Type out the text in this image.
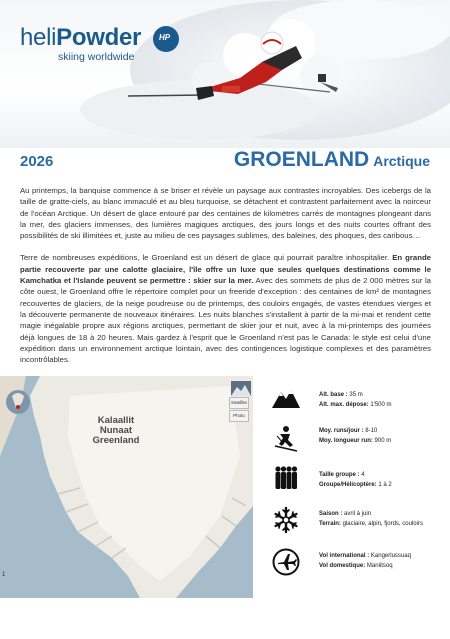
heliPowder HP
skiing worldwide
2026	GROENLAND Arctique

Au printemps, la banquise commence à se briser et révèle un paysage aux contrastes incroyables. Des icebergs de la taille de gratte-ciels, au blanc immaculé et au bleu turquoise, se détachent et contrastent parfaitement avec la noirceur de l'océan Arctique. Un désert de glace entouré par des centaines de kilomètres carrés de montagnes plongeant dans la mer, des glaciers immenses, des lumières magiques arctiques, des jours longs et des nuits courtes offrant des possibilités de ski illimitées et, juste au milieu de ces paysages sublimes, des baleines, des phoques, des caribous…

Terre de nombreuses expéditions, le Groenland est un désert de glace qui pourrait paraître inhospitalier. En grande partie recouverte par une calotte glaciaire, l'île offre un luxe que seules quelques destinations comme le Kamchatka et l'Islande peuvent se permettre : skier sur la mer. Avec des sommets de plus de 2 000 mètres sur la côte ouest, le Groenland offre le répertoire complet pour un freeride d'exception : des centaines de km² de montagnes recouvertes de glaciers, de la neige poudreuse ou de printemps, des couloirs engagés, de vastes étendues vierges et la découverte permanente de nouveaux itinéraires. Les nuits blanches s'installent à partir de la mi-mai et rendent cette magie inégalable propre aux régions arctiques, permettant de skier jour et nuit, avec à la mi-printemps des journées déjà longues de 18 à 20 heures. Mais gardez à l'esprit que le Groenland n'est pas le Canada: le style est celui d'une expédition dans un environnement arctique lointain, avec des contingences logistique complexes et des paramètres incontrôlables.

Kalaallit
Nunaat
Greenland
Satellite
Photo
1
Alt. base : 35 m
Alt. max. dépose: 1'500 m
Moy. runs/jour : 8-10
Moy. longueur run: 900 m
Taille groupe : 4
Groupe/Hélicoptère: 1 à 2
Saison : avril à juin
Terrain: glaciaire, alpin, fjords, couloirs
Vol international : Kangerlussuaq
Vol domestique: Maniitsoq
